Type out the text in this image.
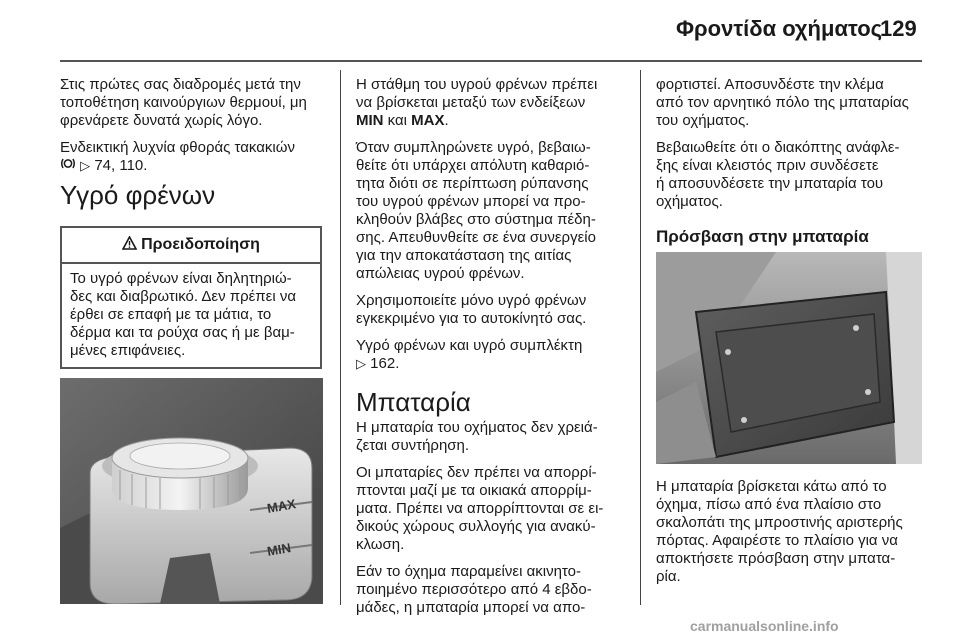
Φροντίδα οχήματος
129

Στις πρώτες σας διαδρομές μετά την
τοποθέτηση καινούργιων θερμουί, μη
φρενάρετε δυνατά χωρίς λόγο.

Ενδεικτική λυχνία φθοράς τακακιών
▷ 74, 110.

Υγρό φρένων
Προειδοποίηση
Το υγρό φρένων είναι δηλητηριώ-
δες και διαβρωτικό. Δεν πρέπει να
έρθει σε επαφή με τα μάτια, το
δέρμα και τα ρούχα σας ή με βαμ-
μένες επιφάνειες.
MAX
MIN

Η στάθμη του υγρού φρένων πρέπει
να βρίσκεται μεταξύ των ενδείξεων
MIN και MAX.

Όταν συμπληρώνετε υγρό, βεβαιω-
θείτε ότι υπάρχει απόλυτη καθαριό-
τητα διότι σε περίπτωση ρύπανσης
του υγρού φρένων μπορεί να προ-
κληθούν βλάβες στο σύστημα πέδη-
σης. Απευθυνθείτε σε ένα συνεργείο
για την αποκατάσταση της αιτίας
απώλειας υγρού φρένων.

Χρησιμοποιείτε μόνο υγρό φρένων
εγκεκριμένο για το αυτοκίνητό σας.

Υγρό φρένων και υγρό συμπλέκτη
▷ 162.

Μπαταρία

Η μπαταρία του οχήματος δεν χρειά-
ζεται συντήρηση.

Οι μπαταρίες δεν πρέπει να απορρί-
πτονται μαζί με τα οικιακά απορρίμ-
ματα. Πρέπει να απορρίπτονται σε ει-
δικούς χώρους συλλογής για ανακύ-
κλωση.

Εάν το όχημα παραμείνει ακινητο-
ποιημένο περισσότερο από 4 εβδο-
μάδες, η μπαταρία μπορεί να απο-

φορτιστεί. Αποσυνδέστε την κλέμα
από τον αρνητικό πόλο της μπαταρίας
του οχήματος.

Βεβαιωθείτε ότι ο διακόπτης ανάφλε-
ξης είναι κλειστός πριν συνδέσετε
ή αποσυνδέσετε την μπαταρία του
οχήματος.

Πρόσβαση στην μπαταρία

Η μπαταρία βρίσκεται κάτω από το
όχημα, πίσω από ένα πλαίσιο στο
σκαλοπάτι της μπροστινής αριστερής
πόρτας. Αφαιρέστε το πλαίσιο για να
αποκτήσετε πρόσβαση στην μπατα-
ρία.

carmanualsonline.info
